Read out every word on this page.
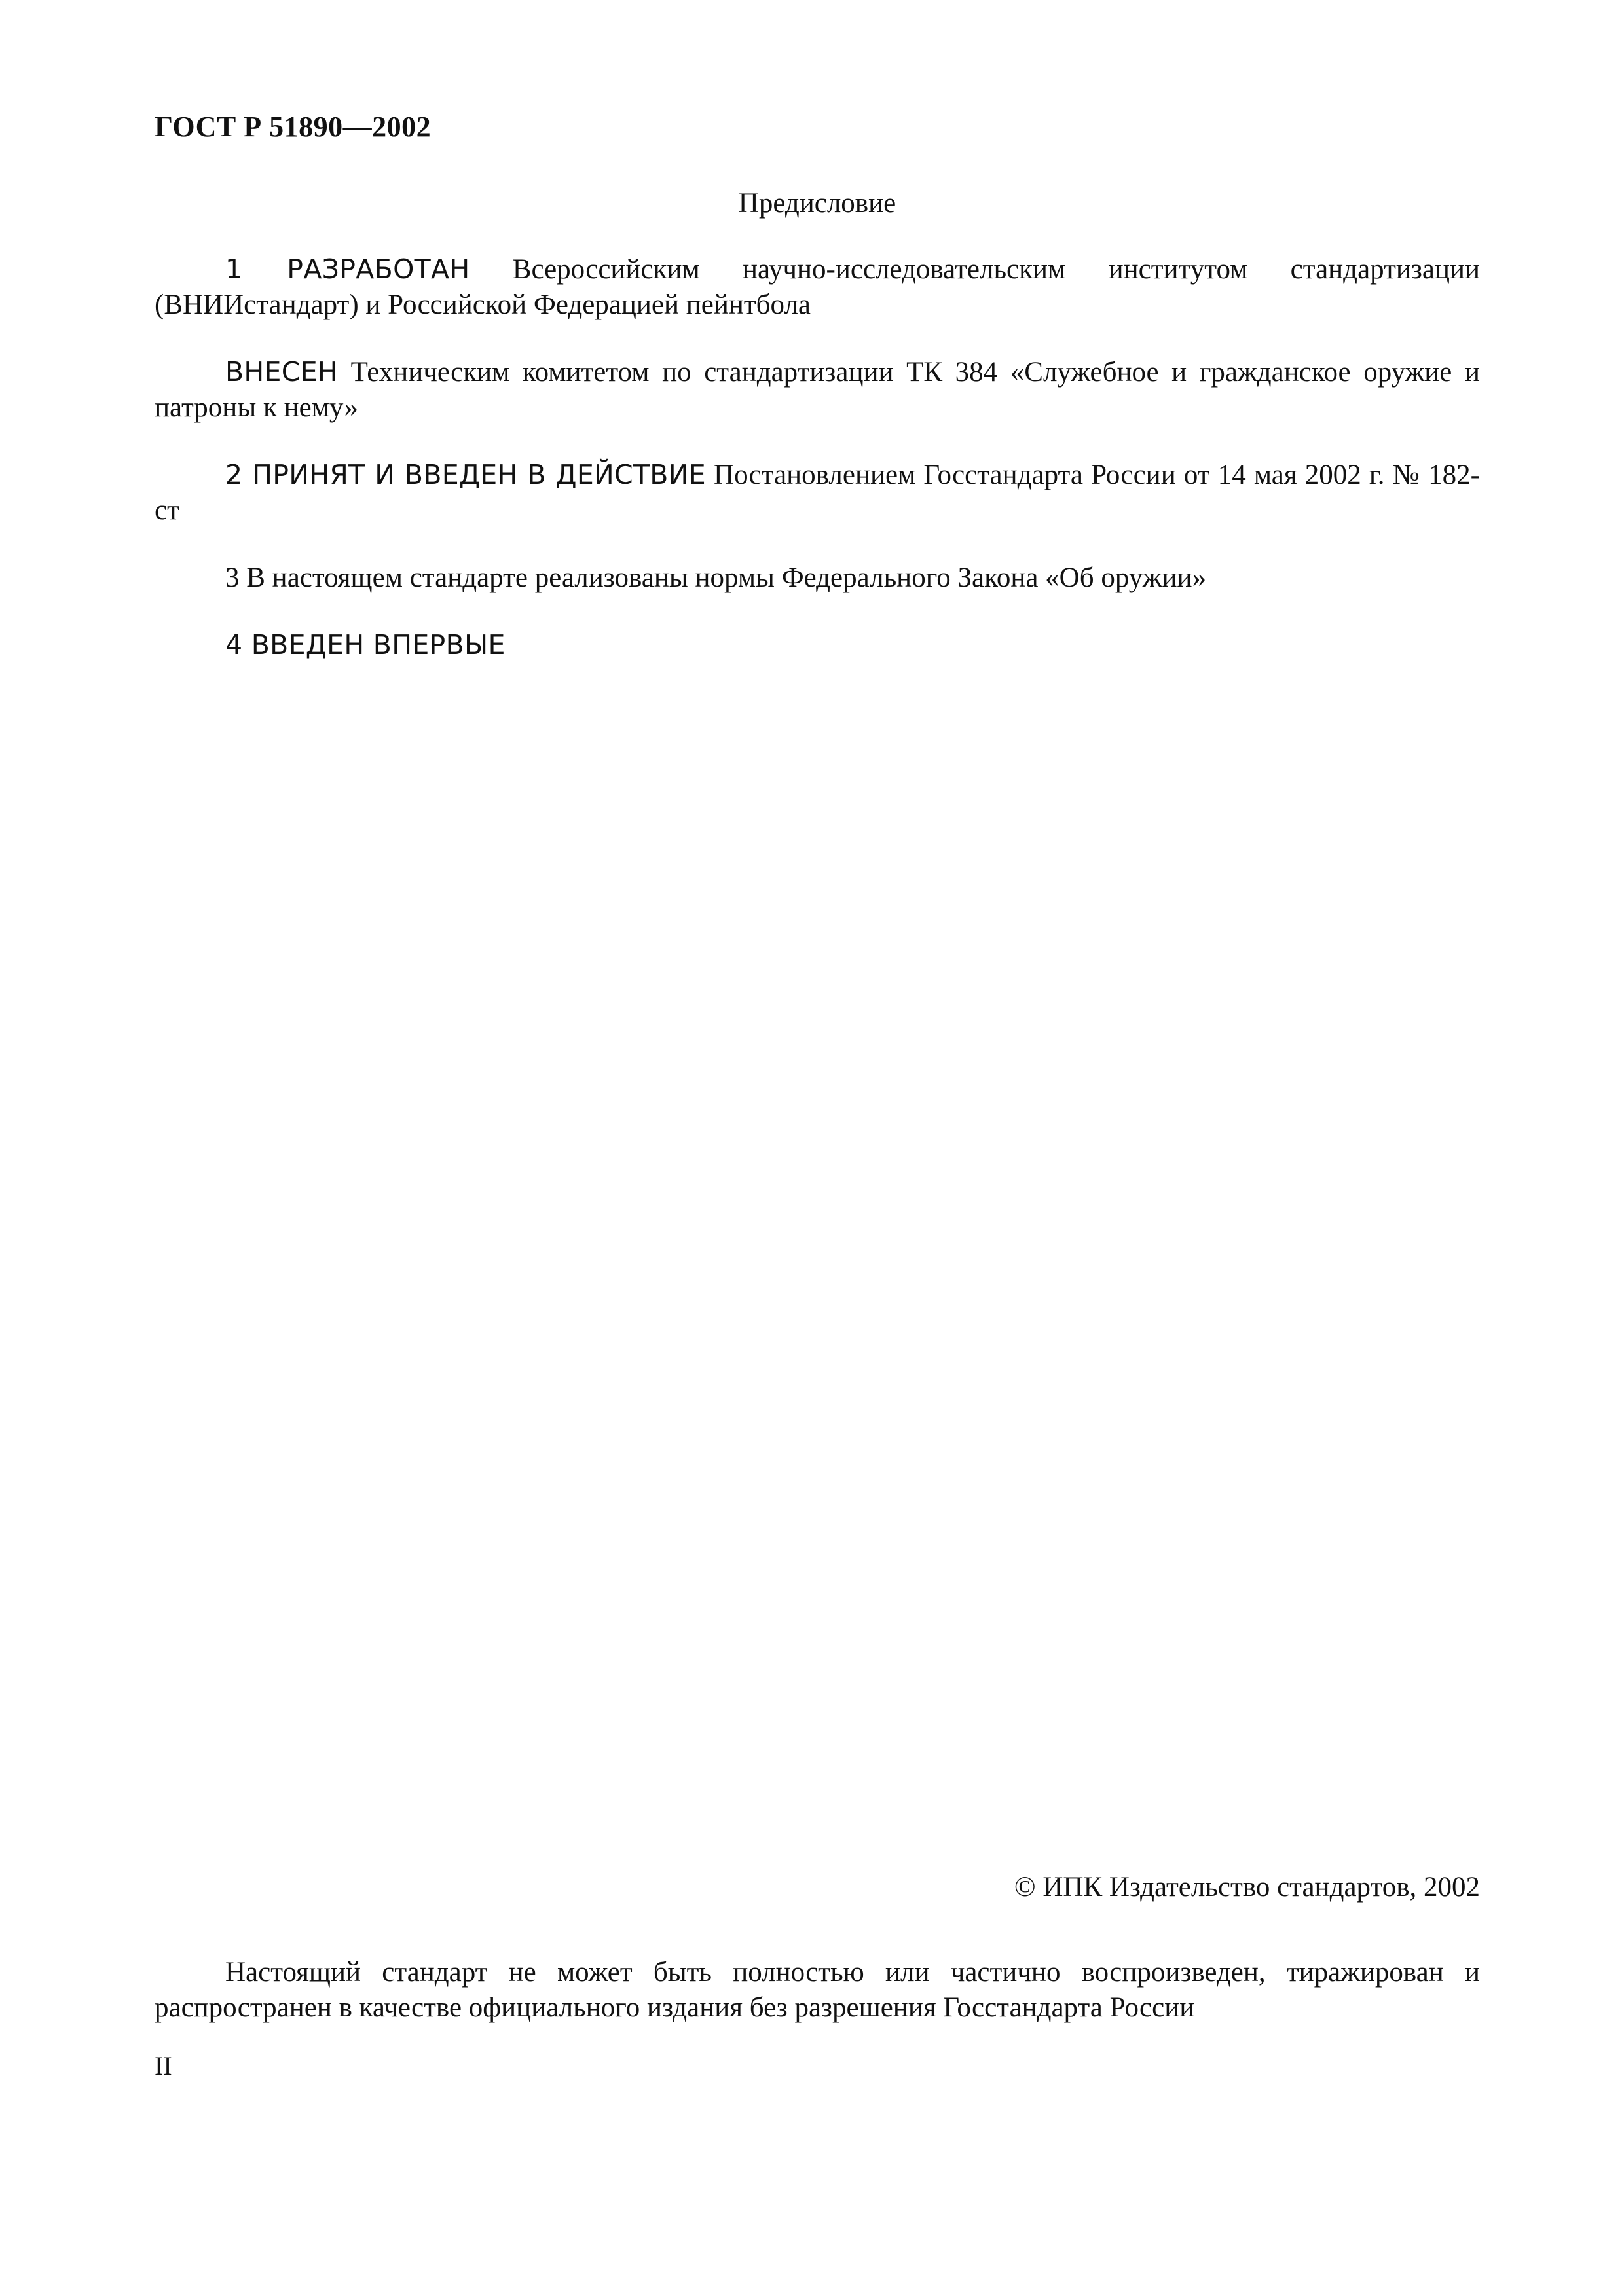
ГОСТ Р 51890—2002
Предисловие

1 РАЗРАБОТАН Всероссийским научно-исследовательским институтом стандартизации (ВНИИстандарт) и Российской Федерацией пейнтбола

ВНЕСЕН Техническим комитетом по стандартизации ТК 384 «Служебное и гражданское оружие и патроны к нему»

2 ПРИНЯТ И ВВЕДЕН В ДЕЙСТВИЕ Постановлением Госстандарта России от 14 мая 2002 г. № 182-ст

3 В настоящем стандарте реализованы нормы Федерального Закона «Об оружии»

4 ВВЕДЕН ВПЕРВЫЕ

© ИПК Издательство стандартов, 2002
Настоящий стандарт не может быть полностью или частично воспроизведен, тиражирован и распространен в качестве официального издания без разрешения Госстандарта России
II
